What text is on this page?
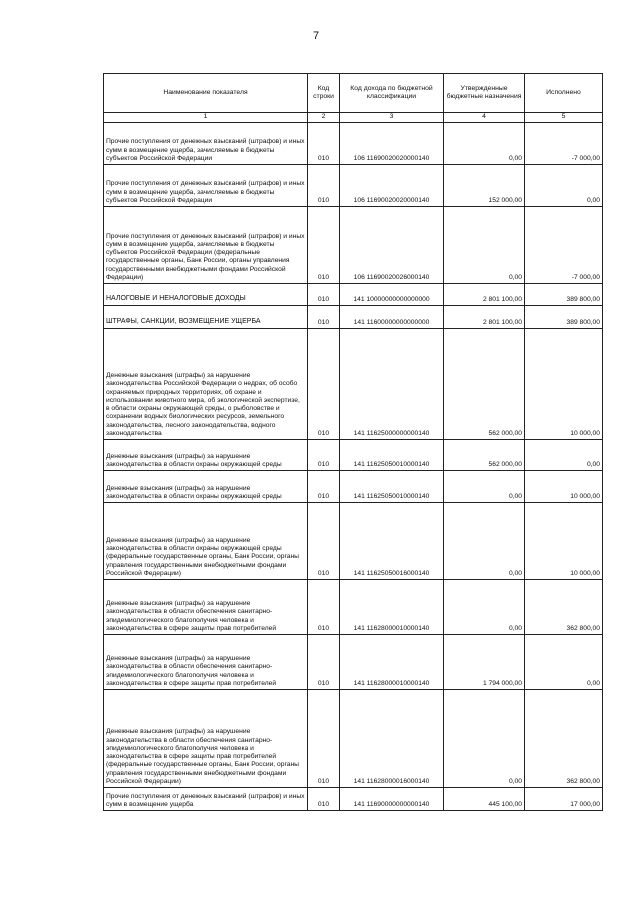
7
Наименование показателя	Код строки	Код дохода по бюджетной классификации	Утвержденные бюджетные назначения	Исполнено
1	2	3	4	5
Прочие поступления от денежных взысканий (штрафов) и иных сумм в возмещение ущерба, зачисляемые в бюджеты субъектов Российской Федерации	010	106 11690020020000140	0,00	-7 000,00
Прочие поступления от денежных взысканий (штрафов) и иных сумм в возмещение ущерба, зачисляемые в бюджеты субъектов Российской Федерации	010	106 11690020020000140	152 000,00	0,00
Прочие поступления от денежных взысканий (штрафов) и иных сумм в возмещение ущерба, зачисляемые в бюджеты субъектов Российской Федерации (федеральные государственные органы, Банк России, органы управления государственными внебюджетными фондами Российской Федерации)	010	106 11690020026000140	0,00	-7 000,00
НАЛОГОВЫЕ И НЕНАЛОГОВЫЕ ДОХОДЫ	010	141 10000000000000000	2 801 100,00	389 800,00
ШТРАФЫ, САНКЦИИ, ВОЗМЕЩЕНИЕ УЩЕРБА	010	141 11600000000000000	2 801 100,00	389 800,00
Денежные взыскания (штрафы) за нарушение законодательства Российской Федерации о недрах, об особо охраняемых природных территориях, об охране и использовании животного мира, об экологической экспертизе, в области охраны окружающей среды, о рыболовстве и сохранении водных биологических ресурсов, земельного законодательства, лесного законодательства, водного законодательства	010	141 11625000000000140	562 000,00	10 000,00
Денежные взыскания (штрафы) за нарушение законодательства в области охраны окружающей среды	010	141 11625050010000140	562 000,00	0,00
Денежные взыскания (штрафы) за нарушение законодательства в области охраны окружающей среды	010	141 11625050010000140	0,00	10 000,00
Денежные взыскания (штрафы) за нарушение законодательства в области охраны окружающей среды (федеральные государственные органы, Банк России, органы управления государственными внебюджетными фондами Российской Федерации)	010	141 11625050016000140	0,00	10 000,00
Денежные взыскания (штрафы) за нарушение законодательства в области обеспечения санитарно-эпидемиологического благополучия человека и законодательства в сфере защиты прав потребителей	010	141 11628000010000140	0,00	362 800,00
Денежные взыскания (штрафы) за нарушение законодательства в области обеспечения санитарно-эпидемиологического благополучия человека и законодательства в сфере защиты прав потребителей	010	141 11628000010000140	1 794 000,00	0,00
Денежные взыскания (штрафы) за нарушение законодательства в области обеспечения санитарно-эпидемиологического благополучия человека и законодательства в сфере защиты прав потребителей (федеральные государственные органы, Банк России, органы управления государственными внебюджетными фондами Российской Федерации)	010	141 11628000016000140	0,00	362 800,00
Прочие поступления от денежных взысканий (штрафов) и иных сумм в возмещение ущерба	010	141 11690000000000140	445 100,00	17 000,00
